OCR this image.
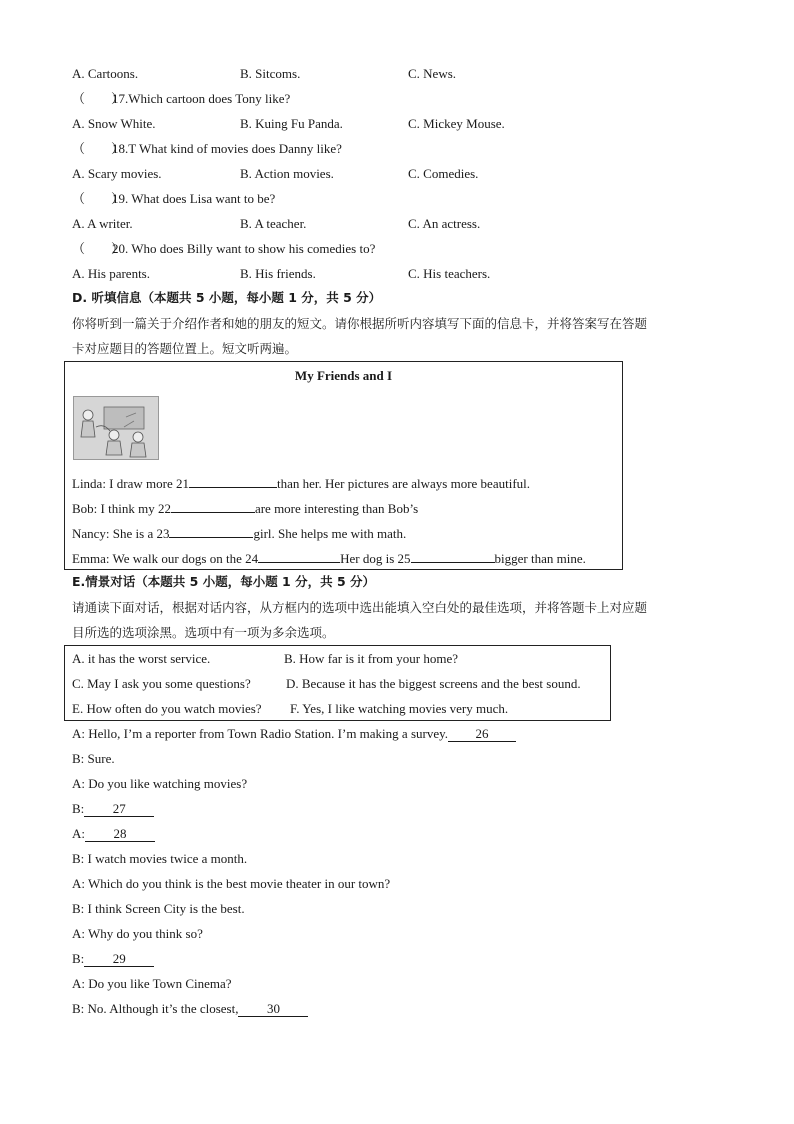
A. Cartoons.	B. Sitcoms.	C. News.
（　　）17.Which cartoon does Tony like?
A. Snow White.	B. Kuing Fu Panda.	C. Mickey Mouse.
（　　）18.T What kind of movies does Danny like?
A. Scary movies.	B. Action movies.	C. Comedies.
（　　）19. What does Lisa want to be?
A. A writer.	B. A teacher.	C. An actress.
（　　）20. Who does Billy want to show his comedies to?
A. His parents.	B. His friends.	C. His teachers.
D. 听填信息（本题共 5 小题，每小题 1 分，共 5 分）
你将听到一篇关于介绍作者和她的朋友的短文。请你根据所听内容填写下面的信息卡，并将答案写在答题
卡对应题目的答题位置上。短文听两遍。
My Friends and I
Linda: I draw more 21	than her. Her pictures are always more beautiful.
Bob: I think my 22	are more interesting than Bob’s
Nancy: She is a 23	girl. She helps me with math.
Emma: We walk our dogs on the 24	Her dog is 25	bigger than mine.
E.情景对话（本题共 5 小题，每小题 1 分，共 5 分）
请通读下面对话，根据对话内容，从方框内的选项中选出能填入空白处的最佳选项，并将答题卡上对应题
目所选的选项涂黑。选项中有一项为多余选项。
A. it has the worst service.	B. How far is it from your home?
C. May I ask you some questions?	D. Because it has the biggest screens and the best sound.
E. How often do you watch movies? F. Yes, I like watching movies very much.
A: Hello, I’m a reporter from Town Radio Station. I’m making a survey. 26
B: Sure.
A: Do you like watching movies?
B: 27
A: 28
B: I watch movies twice a month.
A: Which do you think is the best movie theater in our town?
B: I think Screen City is the best.
A: Why do you think so?
B: 29
A: Do you like Town Cinema?
B: No. Although it’s the closest, 30
